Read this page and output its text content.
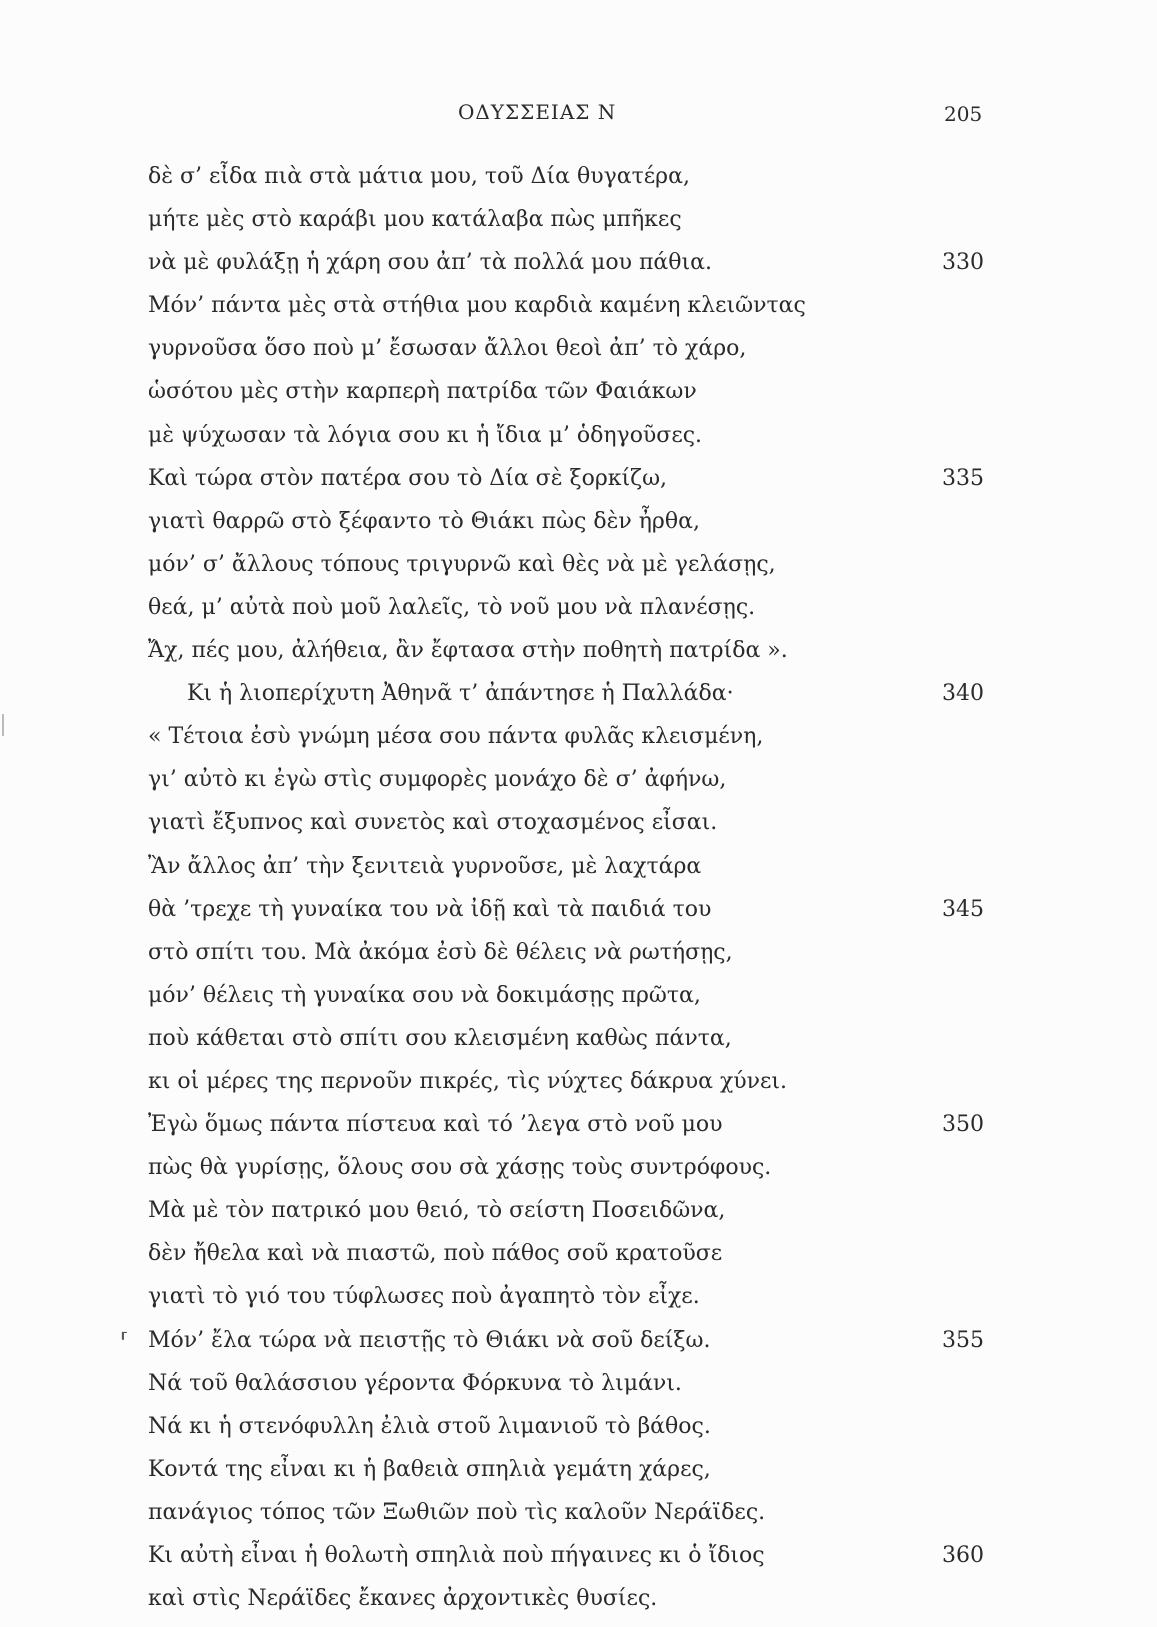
ΟΔΥΣΣΕΙΑΣ Ν	205
δὲ σ’ εἶδα πιὰ στὰ μάτια μου, τοῦ Δία θυγατέρα,
μήτε μὲς στὸ καράβι μου κατάλαβα πὼς μπῆκες
νὰ μὲ φυλάξῃ ἡ χάρη σου ἀπ’ τὰ πολλά μου πάθια.	330
Μόν’ πάντα μὲς στὰ στήθια μου καρδιὰ καμένη κλειῶντας
γυρνοῦσα ὅσο ποὺ μ’ ἔσωσαν ἄλλοι θεοὶ ἀπ’ τὸ χάρο,
ὡσότου μὲς στὴν καρπερὴ πατρίδα τῶν Φαιάκων
μὲ ψύχωσαν τὰ λόγια σου κι ἡ ἴδια μ’ ὁδηγοῦσες.
Καὶ τώρα στὸν πατέρα σου τὸ Δία σὲ ξορκίζω,	335
γιατὶ θαρρῶ στὸ ξέφαντο τὸ Θιάκι πὼς δὲν ἦρθα,
μόν’ σ’ ἄλλους τόπους τριγυρνῶ καὶ θὲς νὰ μὲ γελάσῃς,
θεά, μ’ αὐτὰ ποὺ μοῦ λαλεῖς, τὸ νοῦ μου νὰ πλανέσῃς.
Ἄχ, πές μου, ἀλήθεια, ἂν ἔφτασα στὴν ποθητὴ πατρίδα ».
Κι ἡ λιοπερίχυτη Ἀθηνᾶ τ’ ἀπάντησε ἡ Παλλάδα·	340
« Τέτοια ἐσὺ γνώμη μέσα σου πάντα φυλᾶς κλεισμένη,
γι’ αὐτὸ κι ἐγὼ στὶς συμφορὲς μονάχο δὲ σ’ ἀφήνω,
γιατὶ ἔξυπνος καὶ συνετὸς καὶ στοχασμένος εἶσαι.
Ἂν ἄλλος ἀπ’ τὴν ξενιτειὰ γυρνοῦσε, μὲ λαχτάρα
θὰ ’τρεχε τὴ γυναίκα του νὰ ἰδῇ καὶ τὰ παιδιά του	345
στὸ σπίτι του. Μὰ ἀκόμα ἐσὺ δὲ θέλεις νὰ ρωτήσῃς,
μόν’ θέλεις τὴ γυναίκα σου νὰ δοκιμάσῃς πρῶτα,
ποὺ κάθεται στὸ σπίτι σου κλεισμένη καθὼς πάντα,
κι οἱ μέρες της περνοῦν πικρές, τὶς νύχτες δάκρυα χύνει.
Ἐγὼ ὅμως πάντα πίστευα καὶ τό ’λεγα στὸ νοῦ μου	350
πὼς θὰ γυρίσῃς, ὅλους σου σὰ χάσῃς τοὺς συντρόφους.
Μὰ μὲ τὸν πατρικό μου θειό, τὸ σείστη Ποσειδῶνα,
δὲν ἤθελα καὶ νὰ πιαστῶ, ποὺ πάθος σοῦ κρατοῦσε
γιατὶ τὸ γιό του τύφλωσες ποὺ ἀγαπητὸ τὸν εἶχε.
⸢ Μόν’ ἔλα τώρα νὰ πειστῇς τὸ Θιάκι νὰ σοῦ δείξω.	355
Νά τοῦ θαλάσσιου γέροντα Φόρκυνα τὸ λιμάνι.
Νά κι ἡ στενόφυλλη ἐλιὰ στοῦ λιμανιοῦ τὸ βάθος.
Κοντά της εἶναι κι ἡ βαθειὰ σπηλιὰ γεμάτη χάρες,
πανάγιος τόπος τῶν Ξωθιῶν ποὺ τὶς καλοῦν Νεράϊδες.
Κι αὐτὴ εἶναι ἡ θολωτὴ σπηλιὰ ποὺ πήγαινες κι ὁ ἴδιος	360
καὶ στὶς Νεράϊδες ἔκανες ἀρχοντικὲς θυσίες.
